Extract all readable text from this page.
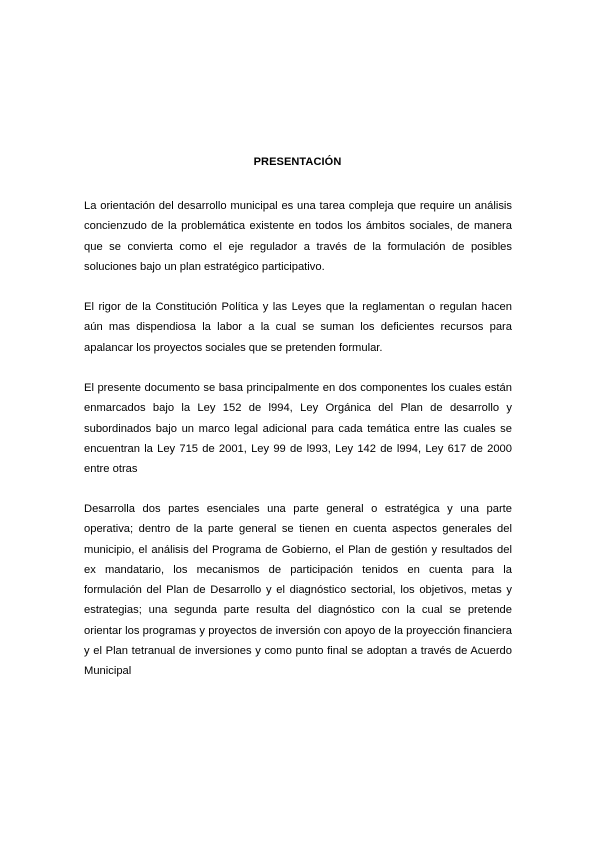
PRESENTACIÓN

La orientación del desarrollo municipal es una tarea compleja que require un análisis concienzudo de la problemática existente en todos los ámbitos sociales, de manera que se convierta como el eje regulador a través de la formulación de posibles soluciones bajo un plan estratégico participativo.

El rigor de la Constitución Política y las Leyes que la reglamentan o regulan hacen aún mas dispendiosa la labor a la cual se suman los deficientes recursos para apalancar los proyectos sociales que se pretenden formular.

El presente documento se basa principalmente en dos componentes los cuales están enmarcados bajo la Ley 152 de l994, Ley Orgánica del Plan de desarrollo y subordinados bajo un marco legal adicional para cada temática entre las cuales se encuentran la Ley 715 de 2001, Ley 99 de l993, Ley 142 de l994, Ley 617 de 2000 entre otras

Desarrolla dos partes esenciales una parte general o estratégica y una parte operativa; dentro de la parte general se tienen en cuenta aspectos generales del municipio, el análisis del Programa de Gobierno, el Plan de gestión y resultados del ex mandatario, los mecanismos de participación tenidos en cuenta para la formulación del Plan de Desarrollo y el diagnóstico sectorial, los objetivos, metas y estrategias; una segunda parte resulta del diagnóstico con la cual se pretende orientar los programas y proyectos de inversión con apoyo de la proyección financiera y el Plan tetranual de inversiones y como punto final se adoptan a través de Acuerdo Municipal
